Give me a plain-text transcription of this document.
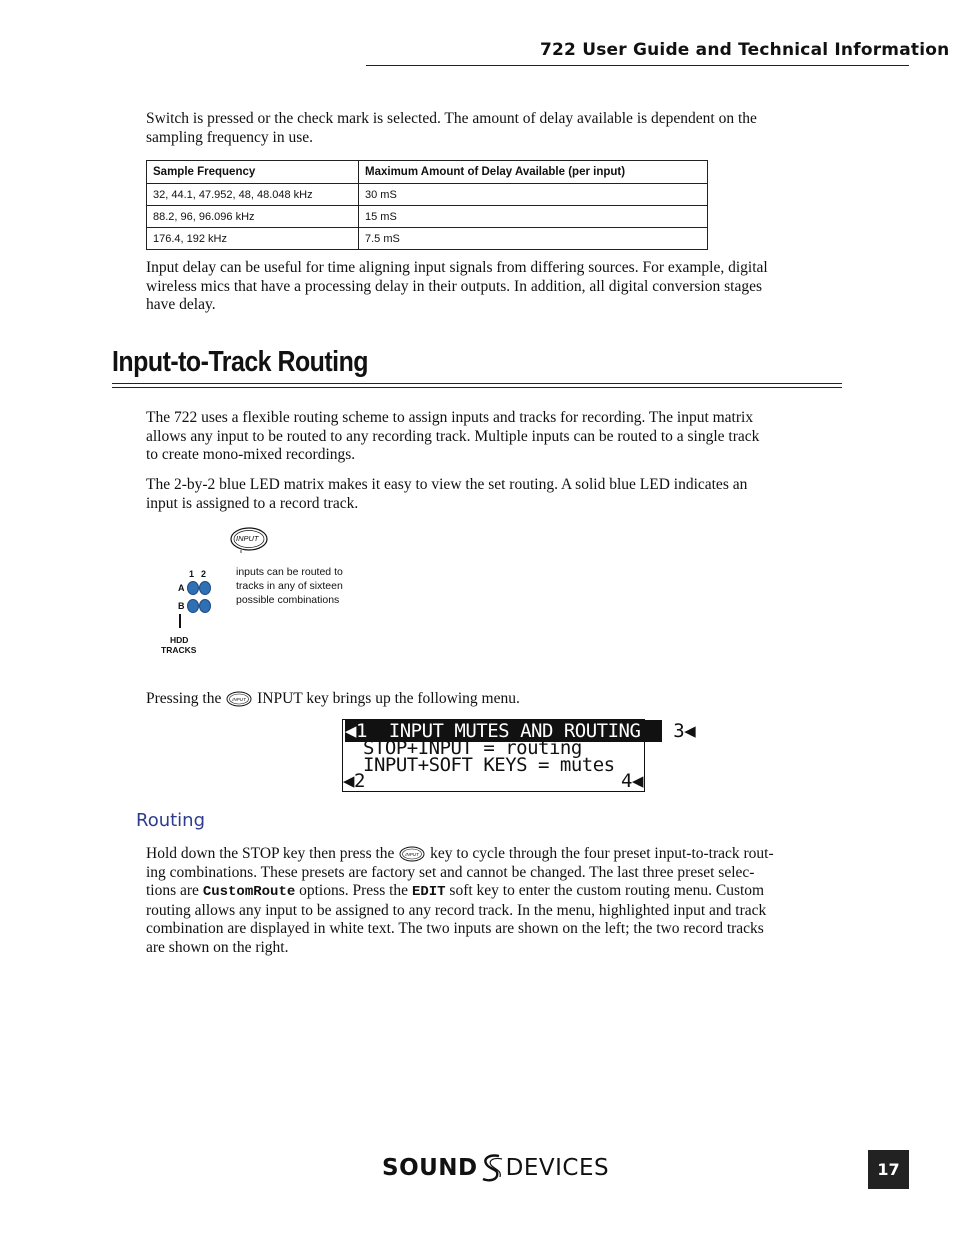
722 User Guide and Technical Information
Switch is pressed or the check mark is selected. The amount of delay available is dependent on the
sampling frequency in use.
Sample Frequency	Maximum Amount of Delay Available (per input)
32, 44.1, 47.952, 48, 48.048 kHz	30 mS
88.2, 96, 96.096 kHz	15 mS
176.4, 192 kHz	7.5 mS
Input delay can be useful for time aligning input signals from differing sources. For example, digital
wireless mics that have a processing delay in their outputs. In addition, all digital conversion stages
have delay.
Input-to-Track Routing
The 722 uses a flexible routing scheme to assign inputs and tracks for recording. The input matrix
allows any input to be routed to any recording track. Multiple inputs can be routed to a single track
to create mono-mixed recordings.
The 2-by-2 blue LED matrix makes it easy to view the set routing. A solid blue LED indicates an
input is assigned to a record track.
INPUT
1 2
A
B
HDD
TRACKS
inputs can be routed to
tracks in any of sixteen
possible combinations
Pressing the INPUT INPUT key brings up the following menu.
◀1 INPUT MUTES AND ROUTING 3◀
STOP+INPUT = routing
INPUT+SOFT KEYS = mutes
◀2	4◀
Routing
Hold down the STOP key then press the INPUT key to cycle through the four preset input-to-track rout-
ing combinations. These presets are factory set and cannot be changed. The last three preset selec-
tions are CustomRoute options. Press the EDIT soft key to enter the custom routing menu. Custom
routing allows any input to be assigned to any record track. In the menu, highlighted input and track
combination are displayed in white text. The two inputs are shown on the left; the two record tracks
are shown on the right.
SOUND DEVICES	17
